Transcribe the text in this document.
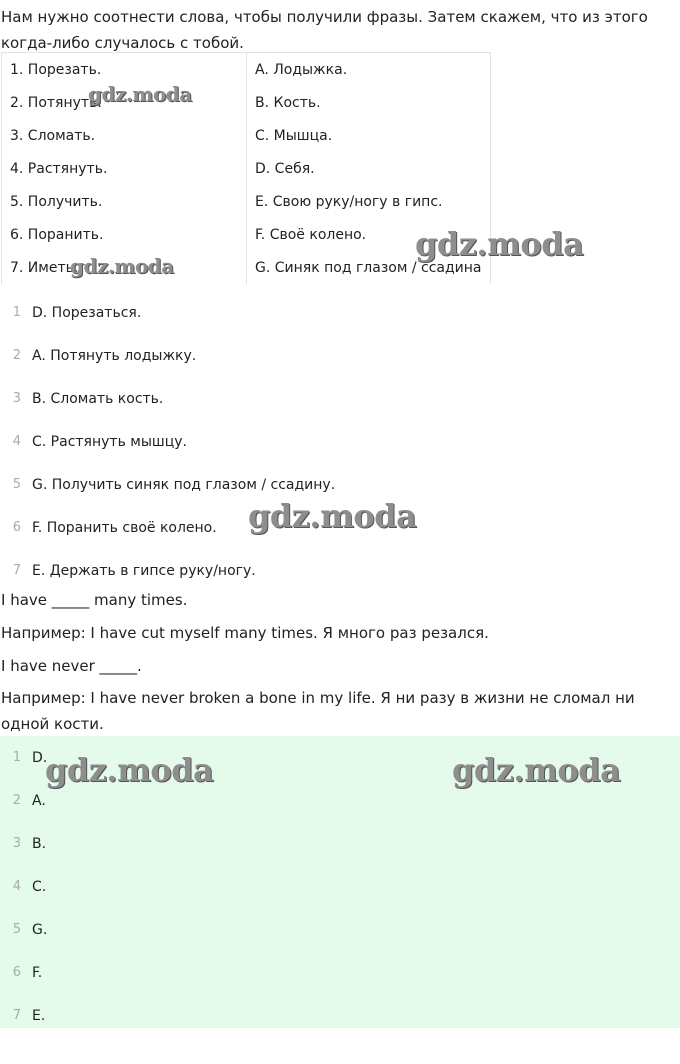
Нам нужно соотнести слова, чтобы получили фразы. Затем скажем, что из этого когда-либо случалось с тобой.

1. Порезать.	A. Лодыжка.
2. Потянуть.	B. Кость.
3. Сломать.	C. Мышца.
4. Растянуть.	D. Себя.
5. Получить.	E. Свою руку/ногу в гипс.
6. Поранить.	F. Своё колено.
7. Иметь.	G. Синяк под глазом / ссадина
1 D. Порезаться.
2 A. Потянуть лодыжку.
3 B. Сломать кость.
4 C. Растянуть мышцу.
5 G. Получить синяк под глазом / ссадину.
6 F. Поранить своё колено.
7 E. Держать в гипсе руку/ногу.

I have _____ many times.

Например: I have cut myself many times. Я много раз резался.

I have never _____.

Например: I have never broken a bone in my life. Я ни разу в жизни не сломал ни одной кости.

1 D.
2 A.
3 B.
4 C.
5 G.
6 F.
7 E.
gdz.moda
gdz.moda
gdz.moda
gdz.moda
gdz.moda	gdz.moda
